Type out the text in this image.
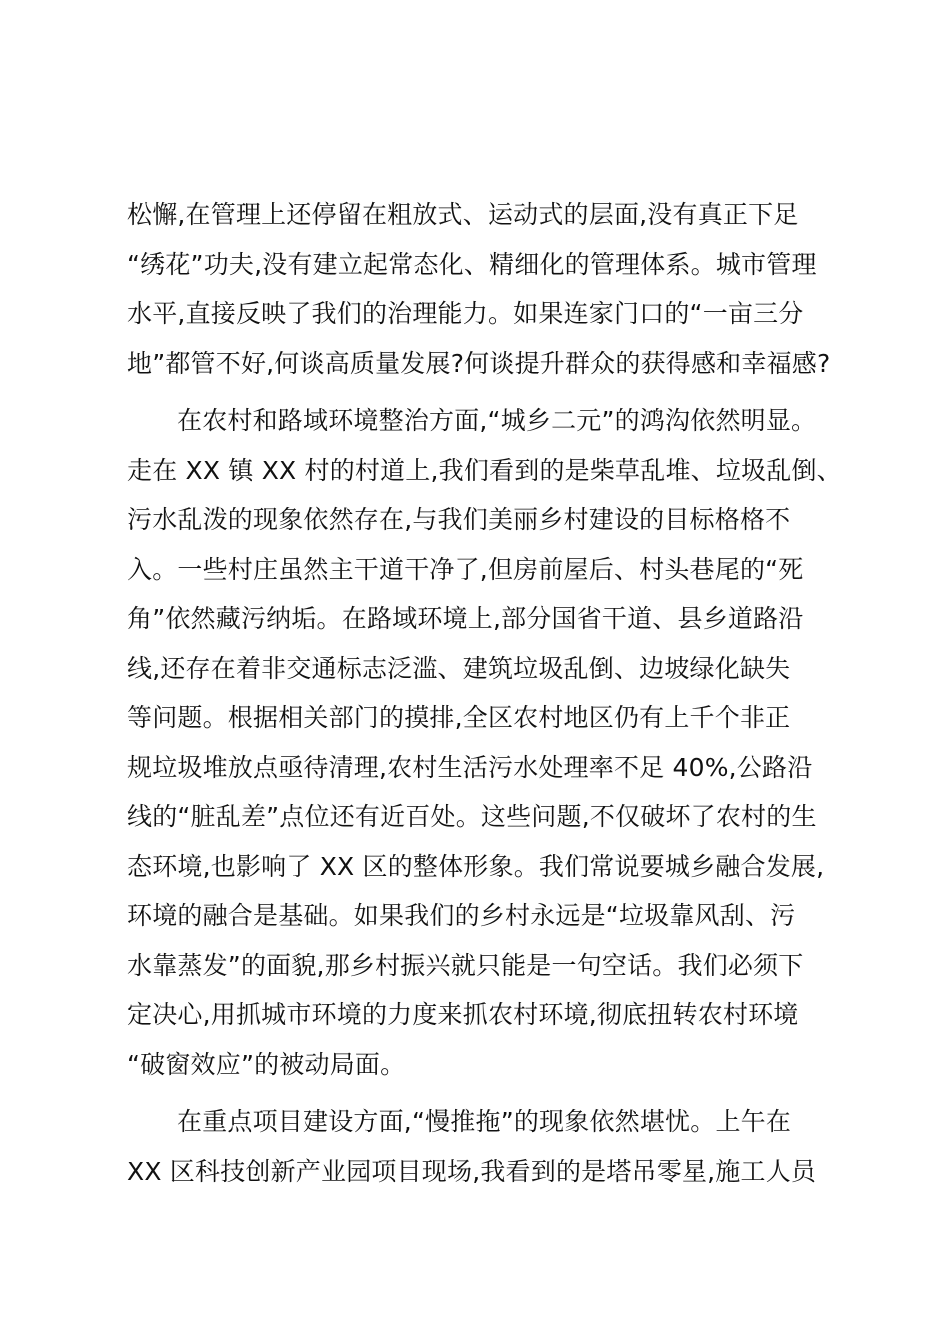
松懈,在管理上还停留在粗放式、运动式的层面,没有真正下足
“绣花”功夫,没有建立起常态化、精细化的管理体系。城市管理
水平,直接反映了我们的治理能力。如果连家门口的“一亩三分
地”都管不好,何谈高质量发展?何谈提升群众的获得感和幸福感?

在农村和路域环境整治方面,“城乡二元”的鸿沟依然明显。
走在 XX 镇 XX 村的村道上,我们看到的是柴草乱堆、垃圾乱倒、
污水乱泼的现象依然存在,与我们美丽乡村建设的目标格格不
入。一些村庄虽然主干道干净了,但房前屋后、村头巷尾的“死
角”依然藏污纳垢。在路域环境上,部分国省干道、县乡道路沿
线,还存在着非交通标志泛滥、建筑垃圾乱倒、边坡绿化缺失
等问题。根据相关部门的摸排,全区农村地区仍有上千个非正
规垃圾堆放点亟待清理,农村生活污水处理率不足 40%,公路沿
线的“脏乱差”点位还有近百处。这些问题,不仅破坏了农村的生
态环境,也影响了 XX 区的整体形象。我们常说要城乡融合发展,
环境的融合是基础。如果我们的乡村永远是“垃圾靠风刮、污
水靠蒸发”的面貌,那乡村振兴就只能是一句空话。我们必须下
定决心,用抓城市环境的力度来抓农村环境,彻底扭转农村环境
“破窗效应”的被动局面。

在重点项目建设方面,“慢推拖”的现象依然堪忧。上午在
XX 区科技创新产业园项目现场,我看到的是塔吊零星,施工人员
